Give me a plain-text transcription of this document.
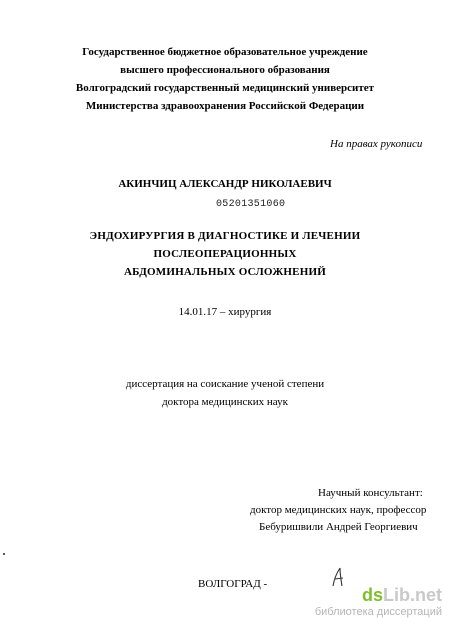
Государственное бюджетное образовательное учреждение
высшего профессионального образования
Волгоградский государственный медицинский университет
Министерства здравоохранения Российской Федерации
На правах рукописи
АКИНЧИЦ АЛЕКСАНДР НИКОЛАЕВИЧ
05201351060
ЭНДОХИРУРГИЯ В ДИАГНОСТИКЕ И ЛЕЧЕНИИ
ПОСЛЕОПЕРАЦИОННЫХ
АБДОМИНАЛЬНЫХ ОСЛОЖНЕНИЙ
14.01.17 – хирургия
диссертация на соискание ученой степени
доктора медицинских наук
Научный консультант:
доктор медицинских наук, профессор
Бебуришвили Андрей Георгиевич
ВОЛГОГРАД -
dsLib.net
библиотека диссертаций
